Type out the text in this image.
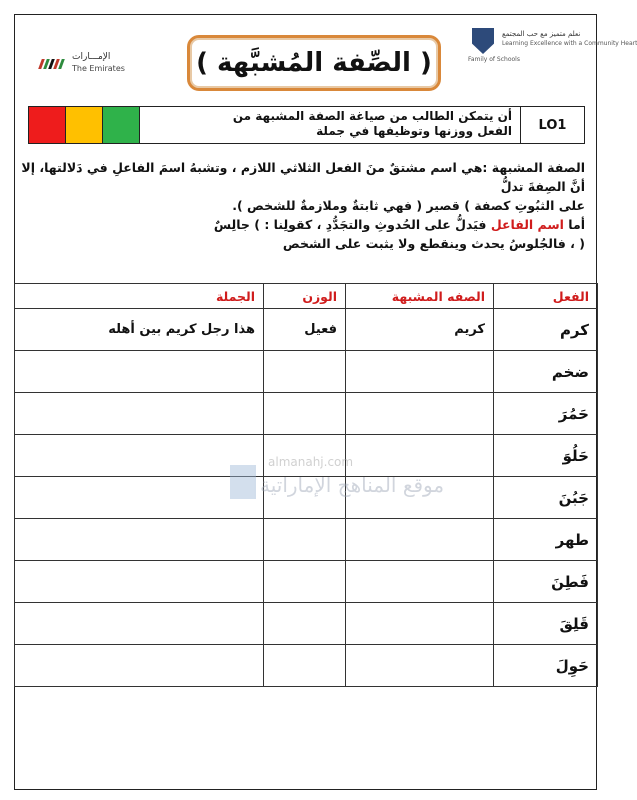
الإمـــارات
The Emirates	( الصِّفة المُشبَّهة )
نعلم متميز مع حب المجتمع
Learning Excellence with a Community Heart
Family of Schools
أن يتمكن الطالب من صياغة الصفة المشبهة من الفعل ووزنها وتوظيفها في جملة	LO1
الصفة المشبهة :هي اسم مشتقٌ منَ الفعل الثلاثي اللازم ، وتشبهُ اسمَ الفاعلِ في دَلالتها، إلا أنَّ الصِفةَ تدلُّ
على الثبُوتِ كصفة ) قصير ( فهي ثابتةٌ وملازمةٌ للشخص ).
أما اسم الفاعل فيَدلُّ على الحُدوثِ والتجَدُّدِ ، كقولِنا : ) جالِسٌ
( ، فالجُلوسُ يحدث وينقطع ولا يثبت على الشخص
الفعل	الصفه المشبهة	الوزن	الجملة
كرم	كريم	فعيل	هذا رجل كريم بين أهله
ضخم			
حَمُرَ			
حَلُوَ			
جَبُنَ			
طهر			
فَطِنَ			
قَلِقَ			
حَوِلَ			
almanahj.com
موقع المناهج الإماراتية
